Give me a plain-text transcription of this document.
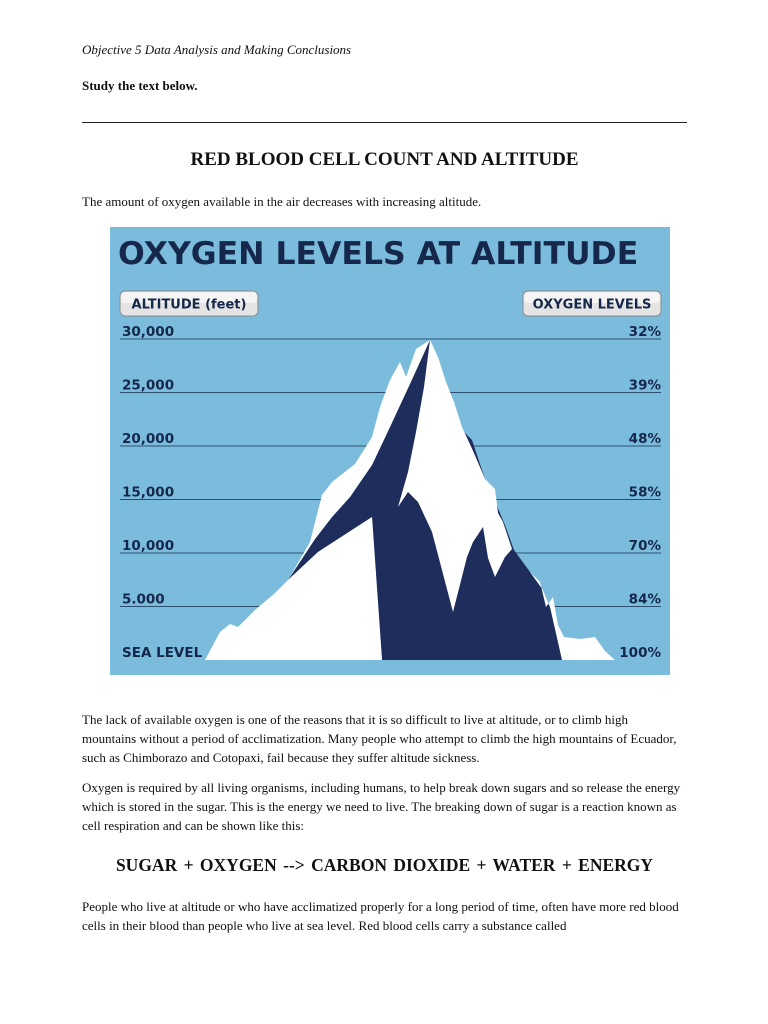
Objective 5 Data Analysis and Making Conclusions
Study the text below.
RED BLOOD CELL COUNT AND ALTITUDE
The amount of oxygen available in the air decreases with increasing altitude.
OXYGEN LEVELS AT ALTITUDE
ALTITUDE (feet)	OXYGEN LEVELS
30,000
25,000
20,000
15,000
10,000
5.000
SEA LEVEL
32%
39%
48%
58%
70%
84%
100%
The lack of available oxygen is one of the reasons that it is so difficult to live at altitude, or to climb high mountains without a period of acclimatization. Many people who attempt to climb the high mountains of Ecuador, such as Chimborazo and Cotopaxi, fail because they suffer altitude sickness.
Oxygen is required by all living organisms, including humans, to help break down sugars and so release the energy which is stored in the sugar. This is the energy we need to live. The breaking down of sugar is a reaction known as cell respiration and can be shown like this:
SUGAR + OXYGEN --> CARBON DIOXIDE + WATER + ENERGY
People who live at altitude or who have acclimatized properly for a long period of time, often have more red blood cells in their blood than people who live at sea level. Red blood cells carry a substance called
